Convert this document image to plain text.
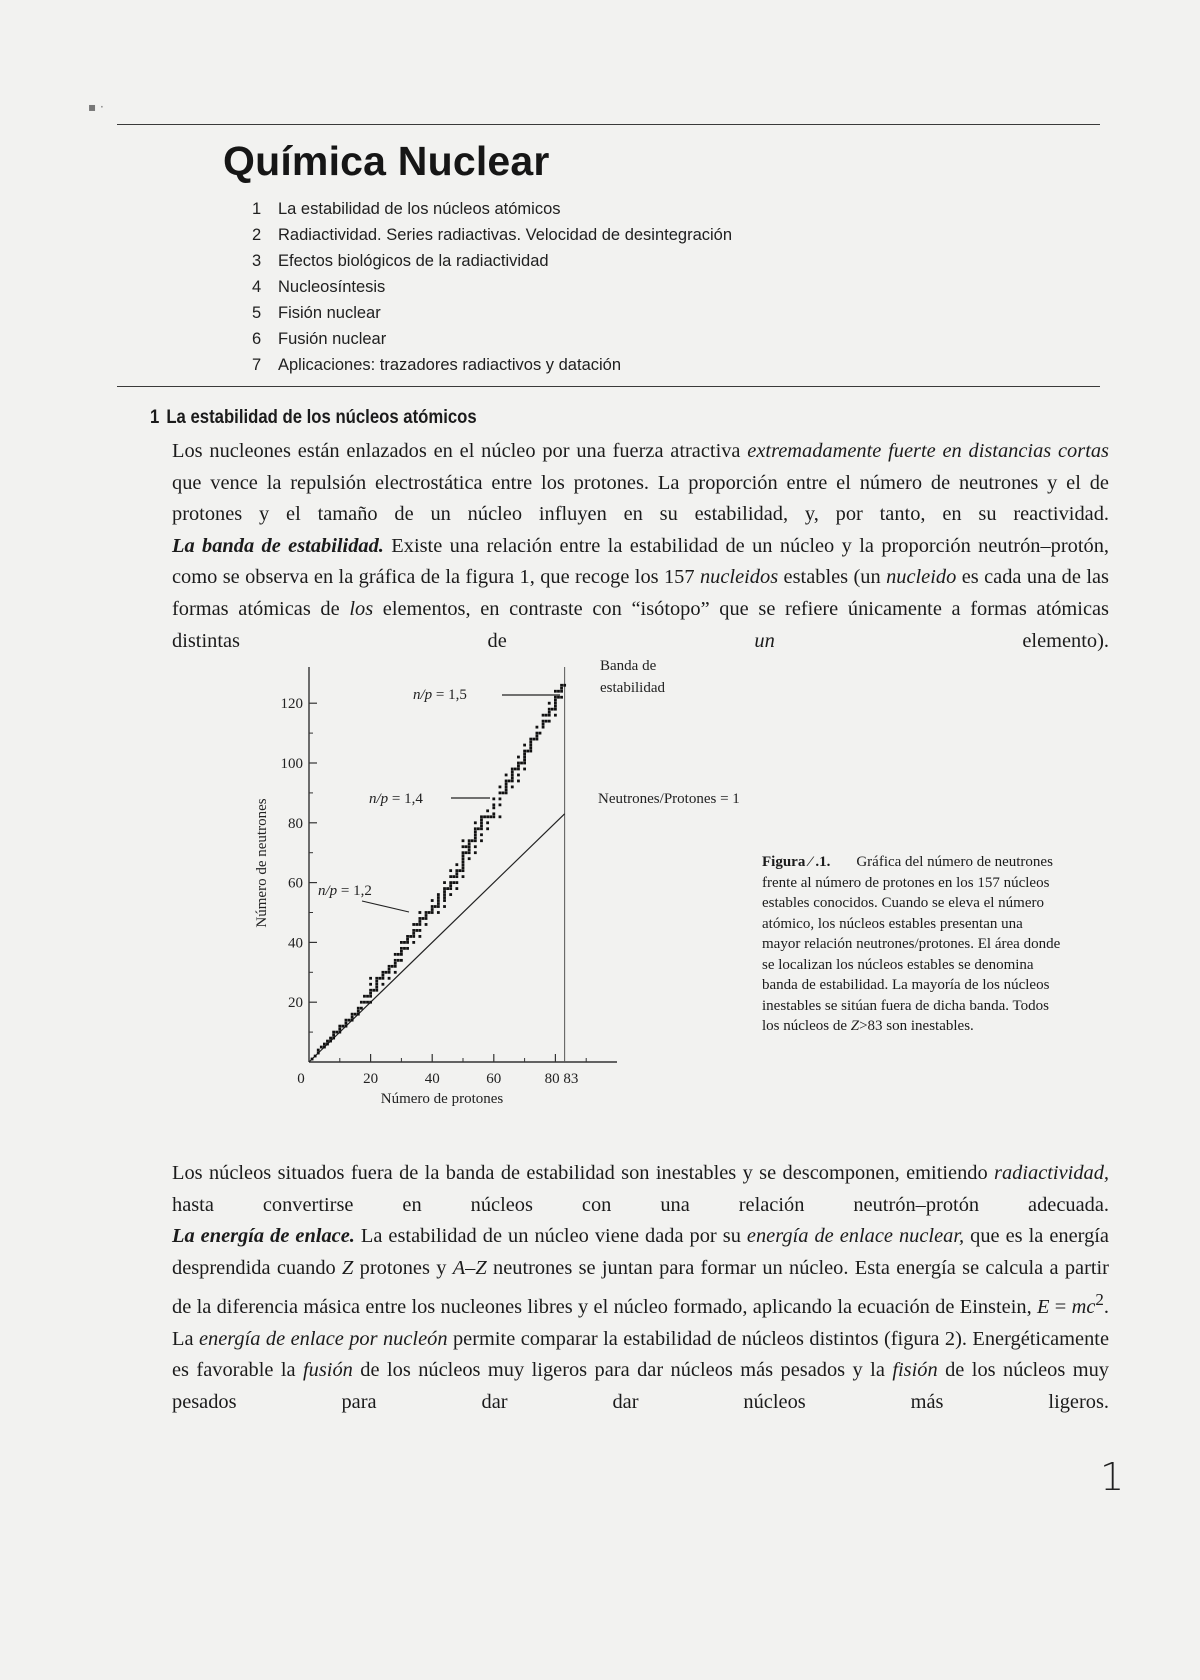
▪ ·
Química Nuclear
1 La estabilidad de los núcleos atómicos
2 Radiactividad. Series radiactivas. Velocidad de desintegración
3 Efectos biológicos de la radiactividad
4 Nucleosíntesis
5 Fisión nuclear
6 Fusión nuclear
7 Aplicaciones: trazadores radiactivos y datación
1 La estabilidad de los núcleos atómicos

Los nucleones están enlazados en el núcleo por una fuerza atractiva extremadamente fuerte en distancias cortas que vence la repulsión electrostática entre los protones. La proporción entre el número de neutrones y el de protones y el tamaño de un núcleo influyen en su estabilidad, y, por tanto, en su reactividad.

La banda de estabilidad. Existe una relación entre la estabilidad de un núcleo y la proporción neutrón–protón, como se observa en la gráfica de la figura 1, que recoge los 157 nucleidos estables (un nucleido es cada una de las formas atómicas de los elementos, en contraste con “isótopo” que se refiere únicamente a formas atómicas distintas de un elemento).

20
40
60
80
100
120
0	20	40	60	80 83
Número de protones
Número de neutrones
n/p = 1,5
n/p = 1,4
n/p = 1,2
Banda de
estabilidad
Neutrones/Protones = 1

Figura ⁄ .1. Gráfica del número de neutrones frente al número de protones en los 157 núcleos estables conocidos. Cuando se eleva el número atómico, los núcleos estables presentan una mayor relación neutrones/protones. El área donde se localizan los núcleos estables se denomina banda de estabilidad. La mayoría de los núcleos inestables se sitúan fuera de dicha banda. Todos los núcleos de Z>83 son inestables.

Los núcleos situados fuera de la banda de estabilidad son inestables y se descomponen, emitiendo radiactividad, hasta convertirse en núcleos con una relación neutrón–protón adecuada.

La energía de enlace. La estabilidad de un núcleo viene dada por su energía de enlace nuclear, que es la energía desprendida cuando Z protones y A–Z neutrones se juntan para formar un núcleo. Esta energía se calcula a partir de la diferencia másica entre los nucleones libres y el núcleo formado, aplicando la ecuación de Einstein, $E = mc^2$. La energía de enlace por nucleón permite comparar la estabilidad de núcleos distintos (figura 2). Energéticamente es favorable la fusión de los núcleos muy ligeros para dar núcleos más pesados y la fisión de los núcleos muy pesados para dar dar núcleos más ligeros.

1
